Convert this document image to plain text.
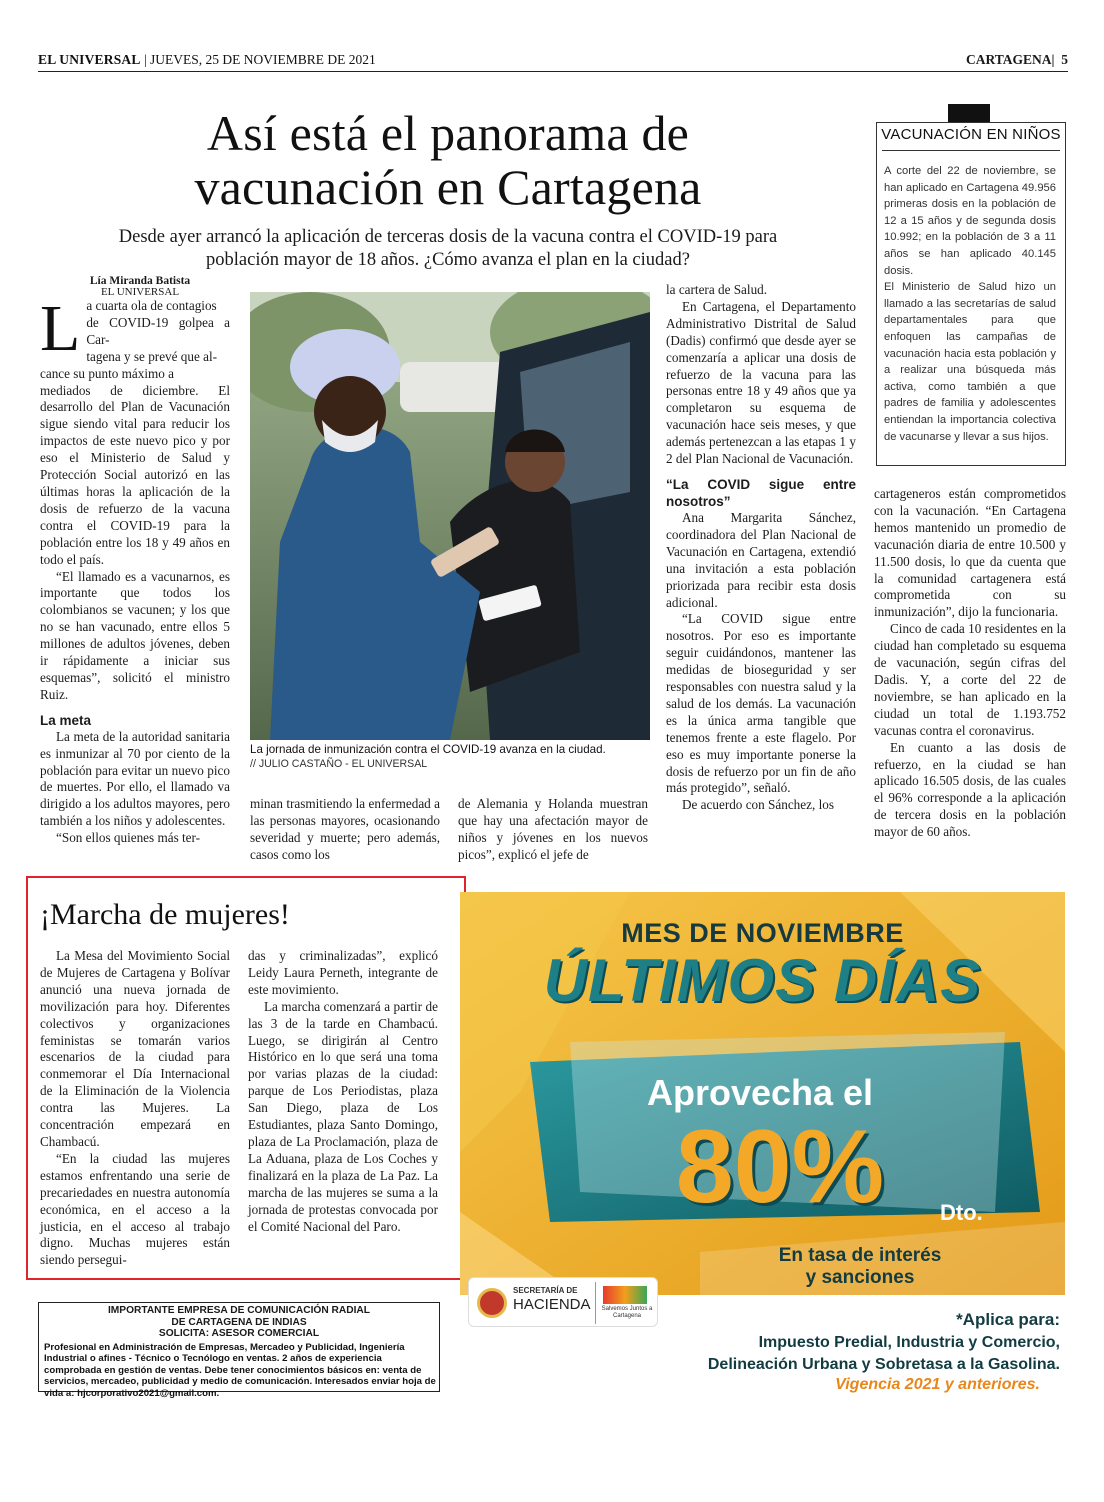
EL UNIVERSAL | JUEVES, 25 DE NOVIEMBRE DE 2021	CARTAGENA| 5
Así está el panorama de
vacunación en Cartagena
Desde ayer arrancó la aplicación de terceras dosis de la vacuna contra el COVID-19 para
población mayor de 18 años. ¿Cómo avanza el plan en la ciudad?
VACUNACIÓN EN NIÑOS

A corte del 22 de noviembre, se han aplicado en Cartagena 49.956 primeras dosis en la población de 12 a 15 años y de segunda dosis 10.992; en la población de 3 a 11 años se han aplicado 40.145 dosis.

El Ministerio de Salud hizo un llamado a las secretarías de salud departamentales para que enfoquen las campañas de vacunación hacia esta población y a realizar una búsqueda más activa, como también a que padres de familia y adolescentes entiendan la importancia colectiva de vacunarse y llevar a sus hijos.

Lía Miranda Batista
EL UNIVERSAL
L a cuarta ola de contagios
de COVID-19 golpea a Car-
tagena y se prevé que al-
cance su punto máximo a

mediados de diciembre. El desarrollo del Plan de Vacunación sigue siendo vital para reducir los impactos de este nuevo pico y por eso el Ministerio de Salud y Protección Social autorizó en las últimas horas la aplicación de la dosis de refuerzo de la vacuna contra el COVID-19 para la población entre los 18 y 49 años en todo el país.

“El llamado es a vacunarnos, es importante que todos los colombianos se vacunen; y los que no se han vacunado, entre ellos 5 millones de adultos jóvenes, deben ir rápidamente a iniciar sus esquemas”, solicitó el ministro Ruiz.

La meta

La meta de la autoridad sanitaria es inmunizar al 70 por ciento de la población para evitar un nuevo pico de muertes. Por ello, el llamado va dirigido a los adultos mayores, pero también a los niños y adolescentes.

“Son ellos quienes más ter-

La jornada de inmunización contra el COVID-19 avanza en la ciudad.
// JULIO CASTAÑO - EL UNIVERSAL

minan trasmitiendo la enfermedad a las personas mayores, ocasionando severidad y muerte; pero además, casos como los

de Alemania y Holanda muestran que hay una afectación mayor de niños y jóvenes en los nuevos picos”, explicó el jefe de

la cartera de Salud.

En Cartagena, el Departamento Administrativo Distrital de Salud (Dadis) confirmó que desde ayer se comenzaría a aplicar una dosis de refuerzo de la vacuna para las personas entre 18 y 49 años que ya completaron su esquema de vacunación hace seis meses, y que además pertenezcan a las etapas 1 y 2 del Plan Nacional de Vacunación.

“La COVID sigue entre nosotros”

Ana Margarita Sánchez, coordinadora del Plan Nacional de Vacunación en Cartagena, extendió una invitación a esta población priorizada para recibir esta dosis adicional.

“La COVID sigue entre nosotros. Por eso es importante seguir cuidándonos, mantener las medidas de bioseguridad y ser responsables con nuestra salud y la salud de los demás. La vacunación es la única arma tangible que tenemos frente a este flagelo. Por eso es muy importante ponerse la dosis de refuerzo por un fin de año más protegido”, señaló.

De acuerdo con Sánchez, los

cartageneros están comprometidos con la vacunación. “En Cartagena hemos mantenido un promedio de vacunación diaria de entre 10.500 y 11.500 dosis, lo que da cuenta que la comunidad cartagenera está comprometida con su inmunización”, dijo la funcionaria.

Cinco de cada 10 residentes en la ciudad han completado su esquema de vacunación, según cifras del Dadis. Y, a corte del 22 de noviembre, se han aplicado en la ciudad un total de 1.193.752 vacunas contra el coronavirus.

En cuanto a las dosis de refuerzo, en la ciudad se han aplicado 16.505 dosis, de las cuales el 96% corresponde a la aplicación de tercera dosis en la población mayor de 60 años.

¡Marcha de mujeres!

La Mesa del Movimiento Social de Mujeres de Cartagena y Bolívar anunció una nueva jornada de movilización para hoy. Diferentes colectivos y organizaciones feministas se tomarán varios escenarios de la ciudad para conmemorar el Día Internacional de la Eliminación de la Violencia contra las Mujeres. La concentración empezará en Chambacú.

“En la ciudad las mujeres estamos enfrentando una serie de precariedades en nuestra autonomía económica, en el acceso a la justicia, en el acceso al trabajo digno. Muchas mujeres están siendo persegui-

das y criminalizadas”, explicó Leidy Laura Perneth, integrante de este movimiento.

La marcha comenzará a partir de las 3 de la tarde en Chambacú. Luego, se dirigirán al Centro Histórico en lo que será una toma por varias plazas de la ciudad: parque de Los Periodistas, plaza San Diego, plaza de Los Estudiantes, plaza Santo Domingo, plaza de La Proclamación, plaza de La Aduana, plaza de Los Coches y finalizará en la plaza de La Paz. La marcha de las mujeres se suma a la jornada de protestas convocada por el Comité Nacional del Paro.

MES DE NOVIEMBRE
ÚLTIMOS DÍAS
Aprovecha el
80%	Dto.
En tasa de interés
y sanciones
SECRETARÍA DE
HACIENDA	Salvemos Juntos a Cartagena	*Aplica para:
Impuesto Predial, Industria y Comercio,
Delineación Urbana y Sobretasa a la Gasolina.
Vigencia 2021 y anteriores.
IMPORTANTE EMPRESA DE COMUNICACIÓN RADIAL
DE CARTAGENA DE INDIAS
SOLICITA: ASESOR COMERCIAL
Profesional en Administración de Empresas, Mercadeo y Publicidad, Ingeniería Industrial o afines - Técnico o Tecnólogo en ventas. 2 años de experiencia comprobada en gestión de ventas. Debe tener conocimientos básicos en: venta de servicios, mercadeo, publicidad y medio de comunicación. Interesados enviar hoja de vida a: hjcorporativo2021@gmail.com.
